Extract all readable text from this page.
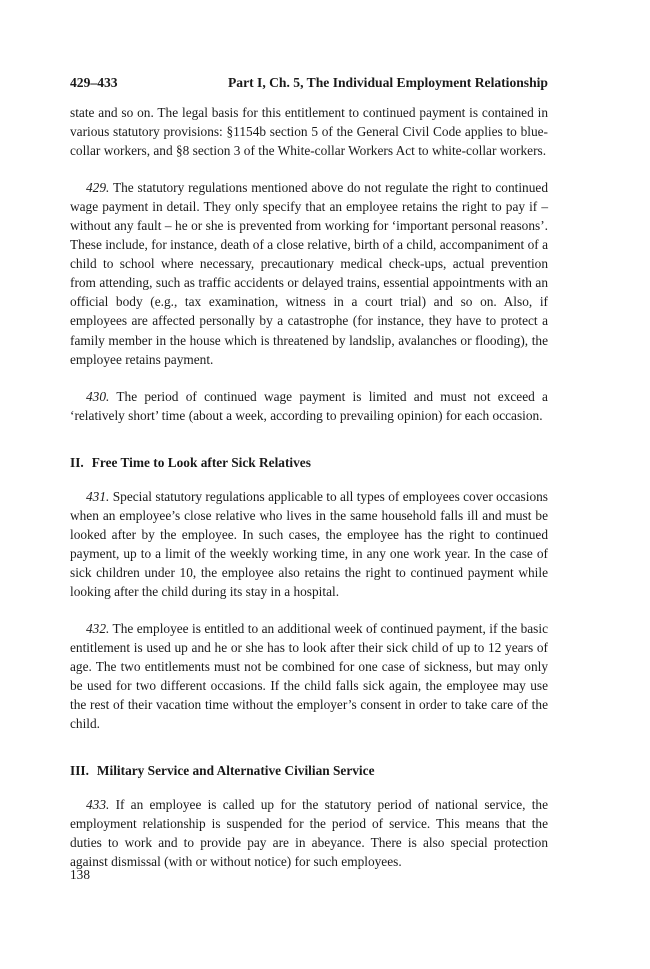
429–433	Part I, Ch. 5, The Individual Employment Relationship

state and so on. The legal basis for this entitlement to continued payment is contained in various statutory provisions: §1154b section 5 of the General Civil Code applies to blue-collar workers, and §8 section 3 of the White-collar Workers Act to white-collar workers.

429. The statutory regulations mentioned above do not regulate the right to continued wage payment in detail. They only specify that an employee retains the right to pay if – without any fault – he or she is prevented from working for ‘important personal reasons’. These include, for instance, death of a close relative, birth of a child, accompaniment of a child to school where necessary, precautionary medical check-ups, actual prevention from attending, such as traffic accidents or delayed trains, essential appointments with an official body (e.g., tax examination, witness in a court trial) and so on. Also, if employees are affected personally by a catastrophe (for instance, they have to protect a family member in the house which is threatened by landslip, avalanches or flooding), the employee retains payment.

430. The period of continued wage payment is limited and must not exceed a ‘relatively short’ time (about a week, according to prevailing opinion) for each occasion.

II. Free Time to Look after Sick Relatives

431. Special statutory regulations applicable to all types of employees cover occasions when an employee’s close relative who lives in the same household falls ill and must be looked after by the employee. In such cases, the employee has the right to continued payment, up to a limit of the weekly working time, in any one work year. In the case of sick children under 10, the employee also retains the right to continued payment while looking after the child during its stay in a hospital.

432. The employee is entitled to an additional week of continued payment, if the basic entitlement is used up and he or she has to look after their sick child of up to 12 years of age. The two entitlements must not be combined for one case of sickness, but may only be used for two different occasions. If the child falls sick again, the employee may use the rest of their vacation time without the employer’s consent in order to take care of the child.

III. Military Service and Alternative Civilian Service

433. If an employee is called up for the statutory period of national service, the employment relationship is suspended for the period of service. This means that the duties to work and to provide pay are in abeyance. There is also special protection against dismissal (with or without notice) for such employees.

138
